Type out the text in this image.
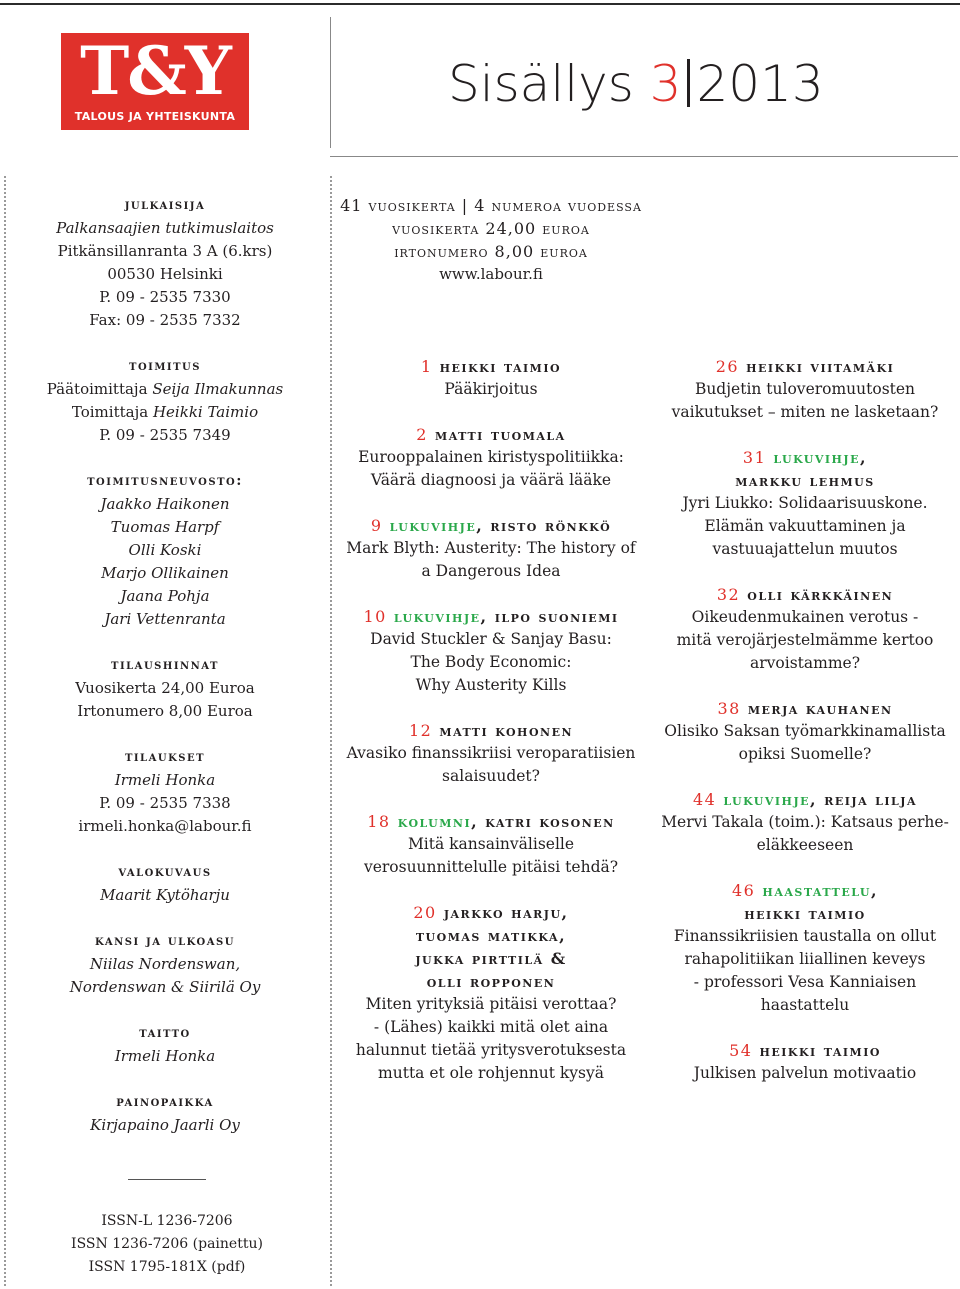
T&Y
TALOUS JA YHTEISKUNTA
Sisällys 3 2013
41 vuosikerta | 4 numeroa vuodessa
vuosikerta 24,00 euroa
irtonumero 8,00 euroa
www.labour.fi
julkaisija
Palkansaajien tutkimuslaitos
Pitkänsillanranta 3 A (6.krs)
00530 Helsinki
P. 09 - 2535 7330
Fax: 09 - 2535 7332
toimitus
Päätoimittaja Seija Ilmakunnas
Toimittaja Heikki Taimio
P. 09 - 2535 7349
toimitusneuvosto:
Jaakko Haikonen
Tuomas Harpf
Olli Koski
Marjo Ollikainen
Jaana Pohja
Jari Vettenranta
tilaushinnat
Vuosikerta 24,00 Euroa
Irtonumero 8,00 Euroa
tilaukset
Irmeli Honka
P. 09 - 2535 7338
irmeli.honka@labour.fi
valokuvaus
Maarit Kytöharju
kansi ja ulkoasu
Niilas Nordenswan,
Nordenswan & Siirilä Oy
taitto
Irmeli Honka
painopaikka
Kirjapaino Jaarli Oy
ISSN-L 1236-7206
ISSN 1236-7206 (painettu)
ISSN 1795-181X (pdf)
1 heikki taimio
Pääkirjoitus
2 matti tuomala
Eurooppalainen kiristyspolitiikka:
Väärä diagnoosi ja väärä lääke
9 lukuvihje, risto rönkkö
Mark Blyth: Austerity: The history of
a Dangerous Idea
10 lukuvihje, ilpo suoniemi
David Stuckler & Sanjay Basu:
The Body Economic:
Why Austerity Kills
12 matti kohonen
Avasiko finanssikriisi veroparatiisien
salaisuudet?
18 kolumni, katri kosonen
Mitä kansainväliselle
verosuunnittelulle pitäisi tehdä?
20 jarkko harju,
tuomas matikka,
jukka pirttilä &
olli ropponen
Miten yrityksiä pitäisi verottaa?
- (Lähes) kaikki mitä olet aina
halunnut tietää yritysverotuksesta
mutta et ole rohjennut kysyä
26 heikki viitamäki
Budjetin tuloveromuutosten
vaikutukset – miten ne lasketaan?
31 lukuvihje,
markku lehmus
Jyri Liukko: Solidaarisuuskone.
Elämän vakuuttaminen ja
vastuuajattelun muutos
32 olli kärkkäinen
Oikeudenmukainen verotus -
mitä verojärjestelmämme kertoo
arvoistamme?
38 merja kauhanen
Olisiko Saksan työmarkkinamallista
opiksi Suomelle?
44 lukuvihje, reija lilja
Mervi Takala (toim.): Katsaus perhe-
eläkkeeseen
46 haastattelu,
heikki taimio
Finanssikriisien taustalla on ollut
rahapolitiikan liiallinen keveys
- professori Vesa Kanniaisen
haastattelu
54 heikki taimio
Julkisen palvelun motivaatio
